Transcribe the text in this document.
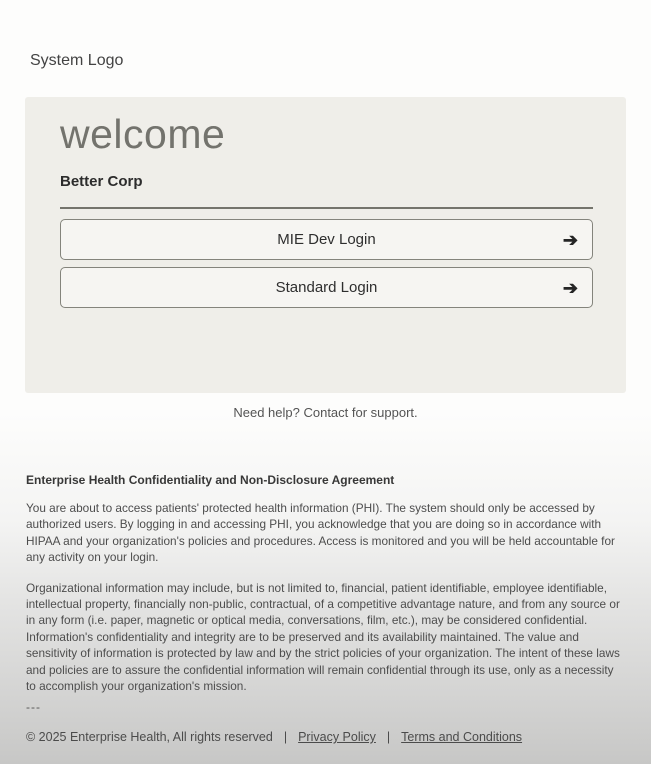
System Logo
welcome
Better Corp
MIE Dev Login	➔
Standard Login	➔
Need help? Contact for support.
Enterprise Health Confidentiality and Non-Disclosure Agreement

You are about to access patients' protected health information (PHI). The system should only be accessed by authorized users. By logging in and accessing PHI, you acknowledge that you are doing so in accordance with HIPAA and your organization's policies and procedures. Access is monitored and you will be held accountable for any activity on your login.

Organizational information may include, but is not limited to, financial, patient identifiable, employee identifiable, intellectual property, financially non-public, contractual, of a competitive advantage nature, and from any source or in any form (i.e. paper, magnetic or optical media, conversations, film, etc.), may be considered confidential. Information's confidentiality and integrity are to be preserved and its availability maintained. The value and sensitivity of information is protected by law and by the strict policies of your organization. The intent of these laws and policies are to assure the confidential information will remain confidential through its use, only as a necessity to accomplish your organization's mission.

---
© 2025 Enterprise Health, All rights reserved | Privacy Policy | Terms and Conditions
